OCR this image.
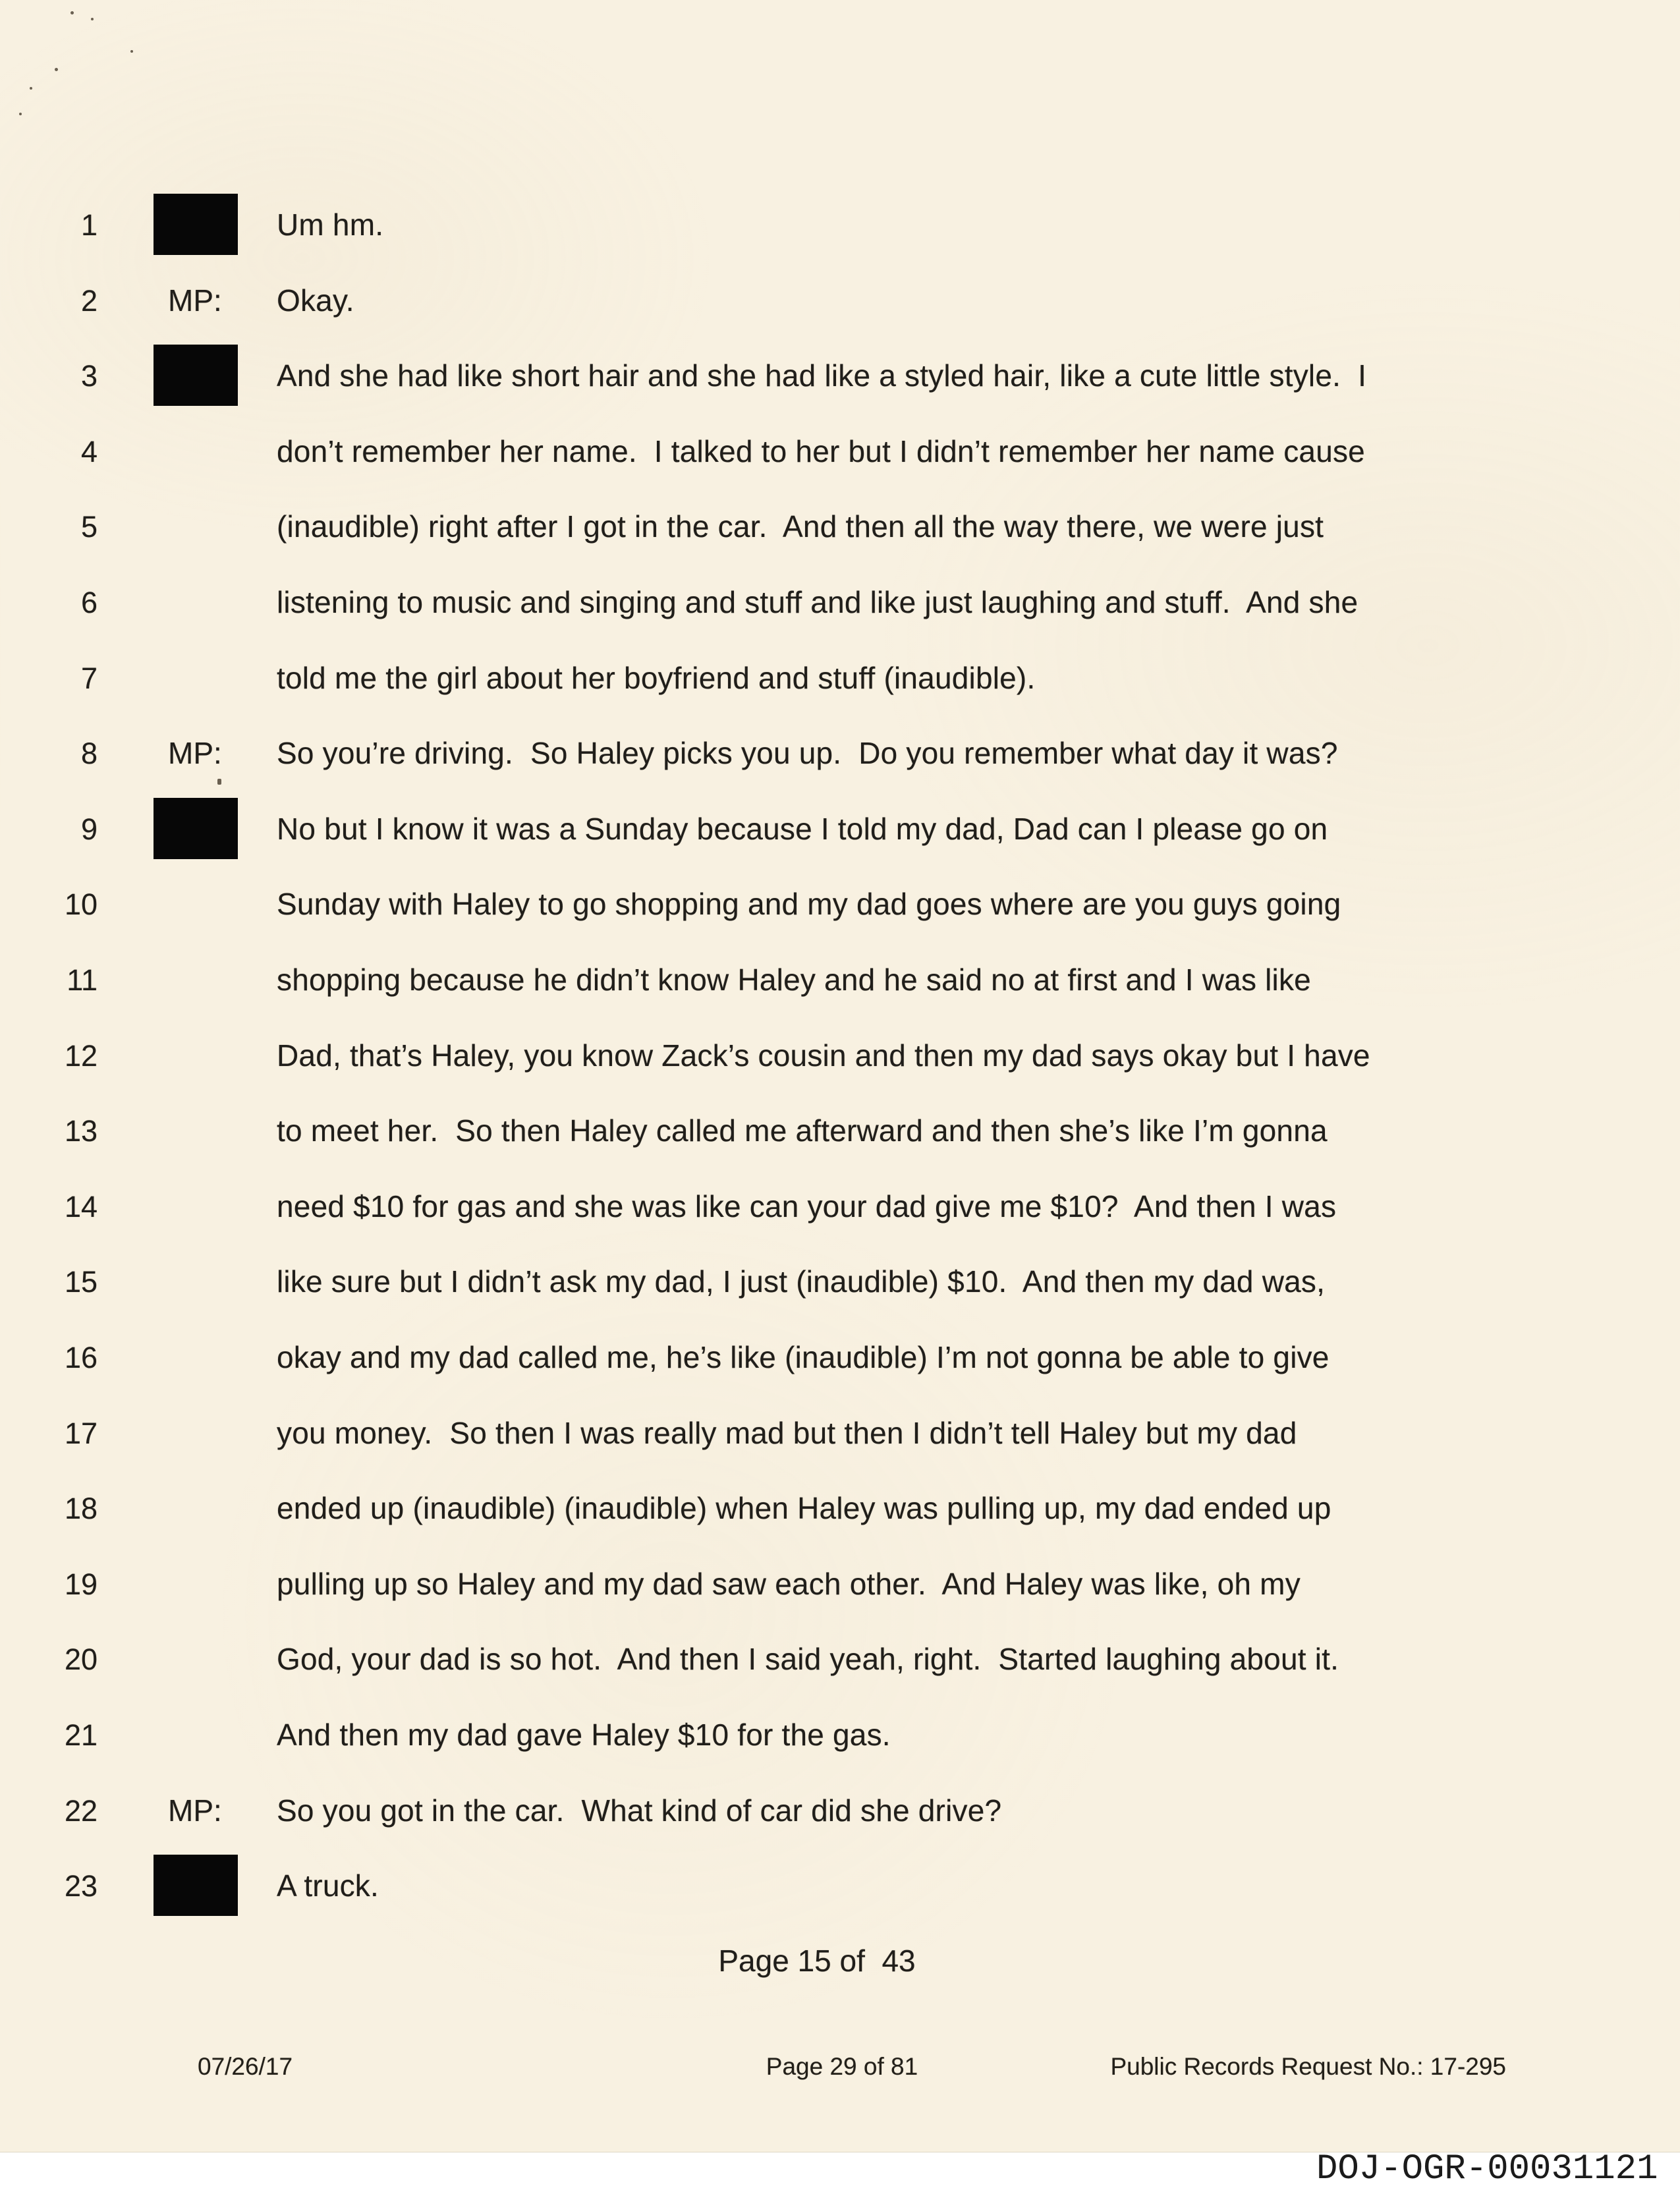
1	Um hm.
2 MP: Okay.
3	And she had like short hair and she had like a styled hair, like a cute little style.  I
4	don’t remember her name.  I talked to her but I didn’t remember her name cause
5	(inaudible) right after I got in the car.  And then all the way there, we were just
6	listening to music and singing and stuff and like just laughing and stuff.  And she
7	told me the girl about her boyfriend and stuff (inaudible).
8 MP: So you’re driving.  So Haley picks you up.  Do you remember what day it was?
9	No but I know it was a Sunday because I told my dad, Dad can I please go on
10	Sunday with Haley to go shopping and my dad goes where are you guys going
11	shopping because he didn’t know Haley and he said no at first and I was like
12	Dad, that’s Haley, you know Zack’s cousin and then my dad says okay but I have
13	to meet her.  So then Haley called me afterward and then she’s like I’m gonna
14	need $10 for gas and she was like can your dad give me $10?  And then I was
15	like sure but I didn’t ask my dad, I just (inaudible) $10.  And then my dad was,
16	okay and my dad called me, he’s like (inaudible) I’m not gonna be able to give
17	you money.  So then I was really mad but then I didn’t tell Haley but my dad
18	ended up (inaudible) (inaudible) when Haley was pulling up, my dad ended up
19	pulling up so Haley and my dad saw each other.  And Haley was like, oh my
20	God, your dad is so hot.  And then I said yeah, right.  Started laughing about it.
21	And then my dad gave Haley $10 for the gas.
22 MP: So you got in the car.  What kind of car did she drive?
23	A truck.
Page 15 of  43
07/26/17	Page 29 of 81	Public Records Request No.: 17-295
DOJ-OGR-00031121
